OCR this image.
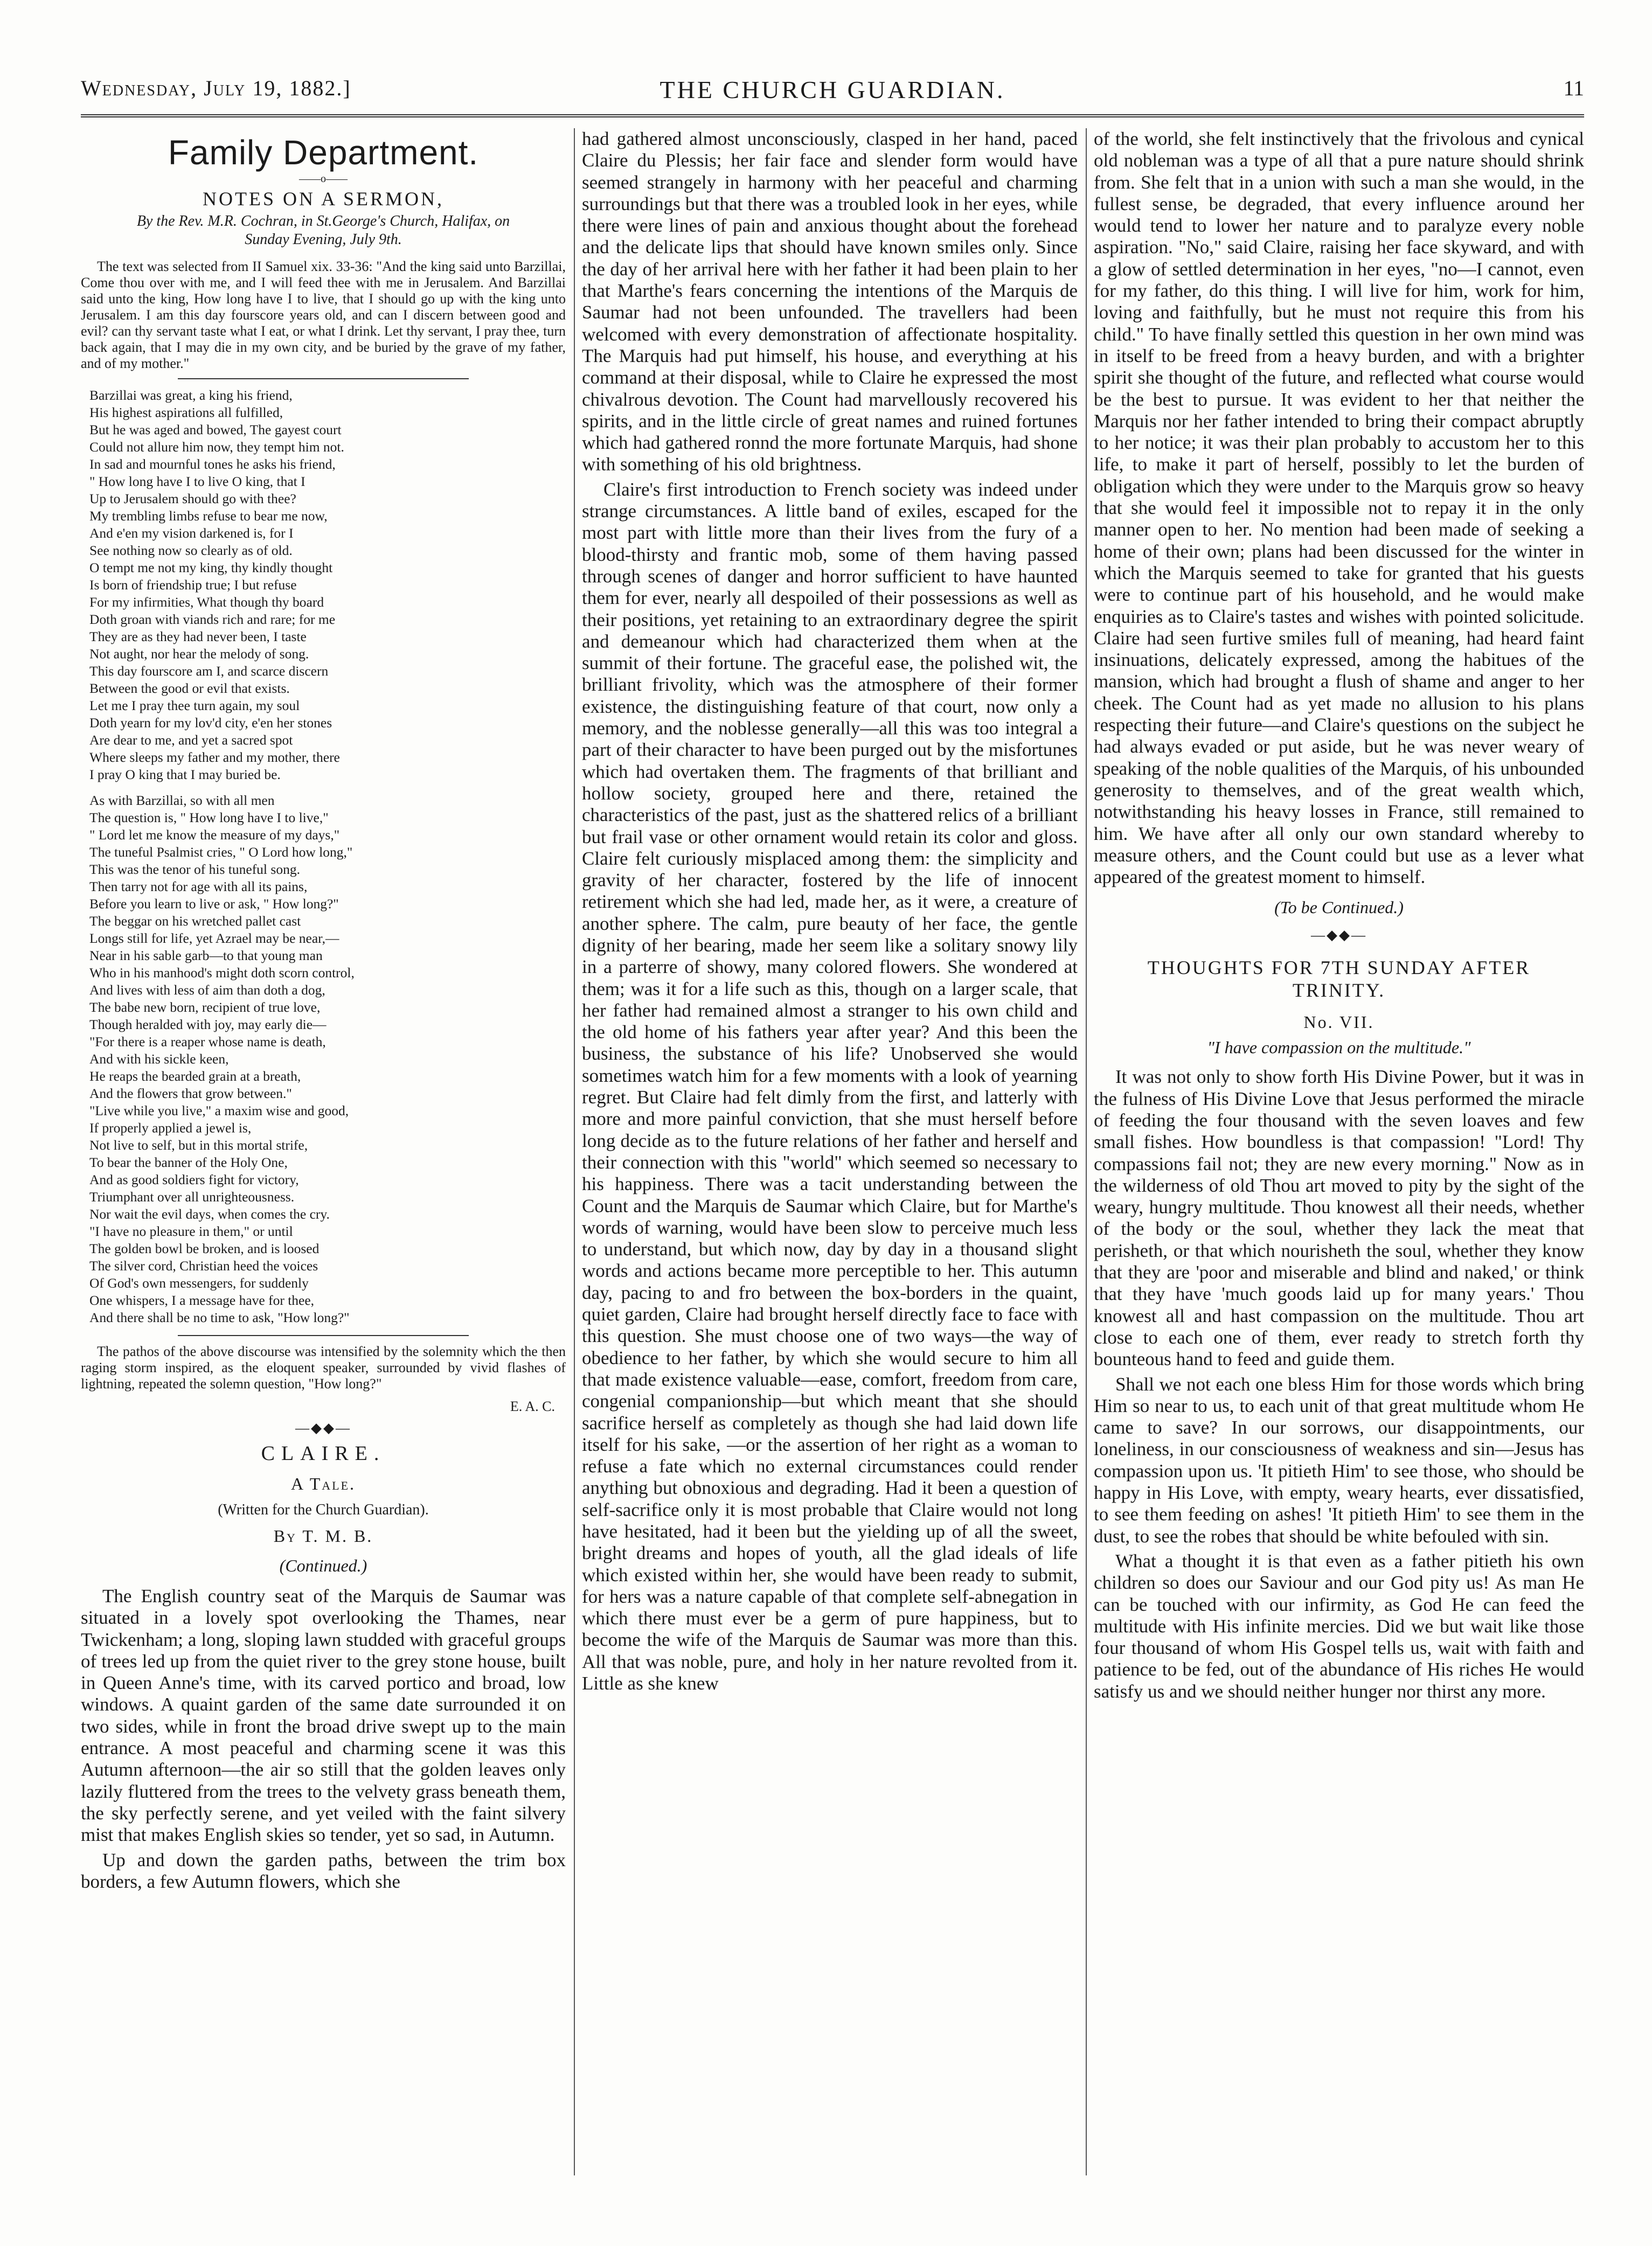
THE CHURCH GUARDIAN.
Wednesday, July 19, 1882.]	11
Family Department.
——o——
NOTES ON A SERMON,
By the Rev. M.R. Cochran, in St.George's Church, Halifax, on Sunday Evening, July 9th.

The text was selected from II Samuel xix. 33-36: "And the king said unto Barzillai, Come thou over with me, and I will feed thee with me in Jerusalem. And Barzillai said unto the king, How long have I to live, that I should go up with the king unto Jerusalem. I am this day fourscore years old, and can I discern between good and evil? can thy servant taste what I eat, or what I drink. Let thy servant, I pray thee, turn back again, that I may die in my own city, and be buried by the grave of my father, and of my mother."

Barzillai was great, a king his friend,
His highest aspirations all fulfilled,
But he was aged and bowed, The gayest court
Could not allure him now, they tempt him not.
In sad and mournful tones he asks his friend,
" How long have I to live O king, that I
Up to Jerusalem should go with thee?
My trembling limbs refuse to bear me now,
And e'en my vision darkened is, for I
See nothing now so clearly as of old.
O tempt me not my king, thy kindly thought
Is born of friendship true; I but refuse
For my infirmities, What though thy board
Doth groan with viands rich and rare; for me
They are as they had never been, I taste
Not aught, nor hear the melody of song.
This day fourscore am I, and scarce discern
Between the good or evil that exists.
Let me I pray thee turn again, my soul
Doth yearn for my lov'd city, e'en her stones
Are dear to me, and yet a sacred spot
Where sleeps my father and my mother, there
I pray O king that I may buried be.
As with Barzillai, so with all men
The question is, " How long have I to live,"
" Lord let me know the measure of my days,"
The tuneful Psalmist cries, " O Lord how long,"
This was the tenor of his tuneful song.
Then tarry not for age with all its pains,
Before you learn to live or ask, " How long?"
The beggar on his wretched pallet cast
Longs still for life, yet Azrael may be near,—
Near in his sable garb—to that young man
Who in his manhood's might doth scorn control,
And lives with less of aim than doth a dog,
The babe new born, recipient of true love,
Though heralded with joy, may early die—
"For there is a reaper whose name is death,
And with his sickle keen,
He reaps the bearded grain at a breath,
And the flowers that grow between."
"Live while you live," a maxim wise and good,
If properly applied a jewel is,
Not live to self, but in this mortal strife,
To bear the banner of the Holy One,
And as good soldiers fight for victory,
Triumphant over all unrighteousness.
Nor wait the evil days, when comes the cry.
"I have no pleasure in them," or until
The golden bowl be broken, and is loosed
The silver cord, Christian heed the voices
Of God's own messengers, for suddenly
One whispers, I a message have for thee,
And there shall be no time to ask, "How long?"

The pathos of the above discourse was intensified by the solemnity which the then raging storm inspired, as the eloquent speaker, surrounded by vivid flashes of lightning, repeated the solemn question, "How long?"

E. A. C.
—◆◆—
CLAIRE.
A Tale.
(Written for the Church Guardian).
By T. M. B.
(Continued.)

The English country seat of the Marquis de Saumar was situated in a lovely spot overlooking the Thames, near Twickenham; a long, sloping lawn studded with graceful groups of trees led up from the quiet river to the grey stone house, built in Queen Anne's time, with its carved portico and broad, low windows. A quaint garden of the same date surrounded it on two sides, while in front the broad drive swept up to the main entrance. A most peaceful and charming scene it was this Autumn afternoon—the air so still that the golden leaves only lazily fluttered from the trees to the velvety grass beneath them, the sky perfectly serene, and yet veiled with the faint silvery mist that makes English skies so tender, yet so sad, in Autumn.

Up and down the garden paths, between the trim box borders, a few Autumn flowers, which she

had gathered almost unconsciously, clasped in her hand, paced Claire du Plessis; her fair face and slender form would have seemed strangely in harmony with her peaceful and charming surroundings but that there was a troubled look in her eyes, while there were lines of pain and anxious thought about the forehead and the delicate lips that should have known smiles only. Since the day of her arrival here with her father it had been plain to her that Marthe's fears concerning the intentions of the Marquis de Saumar had not been unfounded. The travellers had been welcomed with every demonstration of affectionate hospitality. The Marquis had put himself, his house, and everything at his command at their disposal, while to Claire he expressed the most chivalrous devotion. The Count had marvellously recovered his spirits, and in the little circle of great names and ruined fortunes which had gathered ronnd the more fortunate Marquis, had shone with something of his old brightness.

Claire's first introduction to French society was indeed under strange circumstances. A little band of exiles, escaped for the most part with little more than their lives from the fury of a blood-thirsty and frantic mob, some of them having passed through scenes of danger and horror sufficient to have haunted them for ever, nearly all despoiled of their possessions as well as their positions, yet retaining to an extraordinary degree the spirit and demeanour which had characterized them when at the summit of their fortune. The graceful ease, the polished wit, the brilliant frivolity, which was the atmosphere of their former existence, the distinguishing feature of that court, now only a memory, and the noblesse generally—all this was too integral a part of their character to have been purged out by the misfortunes which had overtaken them. The fragments of that brilliant and hollow society, grouped here and there, retained the characteristics of the past, just as the shattered relics of a brilliant but frail vase or other ornament would retain its color and gloss. Claire felt curiously misplaced among them: the simplicity and gravity of her character, fostered by the life of innocent retirement which she had led, made her, as it were, a creature of another sphere. The calm, pure beauty of her face, the gentle dignity of her bearing, made her seem like a solitary snowy lily in a parterre of showy, many colored flowers. She wondered at them; was it for a life such as this, though on a larger scale, that her father had remained almost a stranger to his own child and the old home of his fathers year after year? And this been the business, the substance of his life? Unobserved she would sometimes watch him for a few moments with a look of yearning regret. But Claire had felt dimly from the first, and latterly with more and more painful conviction, that she must herself before long decide as to the future relations of her father and herself and their connection with this "world" which seemed so necessary to his happiness. There was a tacit understanding between the Count and the Marquis de Saumar which Claire, but for Marthe's words of warning, would have been slow to perceive much less to understand, but which now, day by day in a thousand slight words and actions became more perceptible to her. This autumn day, pacing to and fro between the box-borders in the quaint, quiet garden, Claire had brought herself directly face to face with this question. She must choose one of two ways—the way of obedience to her father, by which she would secure to him all that made existence valuable—ease, comfort, freedom from care, congenial companionship—but which meant that she should sacrifice herself as completely as though she had laid down life itself for his sake, —or the assertion of her right as a woman to refuse a fate which no external circumstances could render anything but obnoxious and degrading. Had it been a question of self-sacrifice only it is most probable that Claire would not long have hesitated, had it been but the yielding up of all the sweet, bright dreams and hopes of youth, all the glad ideals of life which existed within her, she would have been ready to submit, for hers was a nature capable of that complete self-abnegation in which there must ever be a germ of pure happiness, but to become the wife of the Marquis de Saumar was more than this. All that was noble, pure, and holy in her nature revolted from it. Little as she knew

of the world, she felt instinctively that the frivolous and cynical old nobleman was a type of all that a pure nature should shrink from. She felt that in a union with such a man she would, in the fullest sense, be degraded, that every influence around her would tend to lower her nature and to paralyze every noble aspiration. "No," said Claire, raising her face skyward, and with a glow of settled determination in her eyes, "no—I cannot, even for my father, do this thing. I will live for him, work for him, loving and faithfully, but he must not require this from his child." To have finally settled this question in her own mind was in itself to be freed from a heavy burden, and with a brighter spirit she thought of the future, and reflected what course would be the best to pursue. It was evident to her that neither the Marquis nor her father intended to bring their compact abruptly to her notice; it was their plan probably to accustom her to this life, to make it part of herself, possibly to let the burden of obligation which they were under to the Marquis grow so heavy that she would feel it impossible not to repay it in the only manner open to her. No mention had been made of seeking a home of their own; plans had been discussed for the winter in which the Marquis seemed to take for granted that his guests were to continue part of his household, and he would make enquiries as to Claire's tastes and wishes with pointed solicitude. Claire had seen furtive smiles full of meaning, had heard faint insinuations, delicately expressed, among the habitues of the mansion, which had brought a flush of shame and anger to her cheek. The Count had as yet made no allusion to his plans respecting their future—and Claire's questions on the subject he had always evaded or put aside, but he was never weary of speaking of the noble qualities of the Marquis, of his unbounded generosity to themselves, and of the great wealth which, notwithstanding his heavy losses in France, still remained to him. We have after all only our own standard whereby to measure others, and the Count could but use as a lever what appeared of the greatest moment to himself.

(To be Continued.)
—◆◆—
THOUGHTS FOR 7TH SUNDAY AFTER TRINITY.
No. VII.
"I have compassion on the multitude."

It was not only to show forth His Divine Power, but it was in the fulness of His Divine Love that Jesus performed the miracle of feeding the four thousand with the seven loaves and few small fishes. How boundless is that compassion! "Lord! Thy compassions fail not; they are new every morning." Now as in the wilderness of old Thou art moved to pity by the sight of the weary, hungry multitude. Thou knowest all their needs, whether of the body or the soul, whether they lack the meat that perisheth, or that which nourisheth the soul, whether they know that they are 'poor and miserable and blind and naked,' or think that they have 'much goods laid up for many years.' Thou knowest all and hast compassion on the multitude. Thou art close to each one of them, ever ready to stretch forth thy bounteous hand to feed and guide them.

Shall we not each one bless Him for those words which bring Him so near to us, to each unit of that great multitude whom He came to save? In our sorrows, our disappointments, our loneliness, in our consciousness of weakness and sin—Jesus has compassion upon us. 'It pitieth Him' to see those, who should be happy in His Love, with empty, weary hearts, ever dissatisfied, to see them feeding on ashes! 'It pitieth Him' to see them in the dust, to see the robes that should be white befouled with sin.

What a thought it is that even as a father pitieth his own children so does our Saviour and our God pity us! As man He can be touched with our infirmity, as God He can feed the multitude with His infinite mercies. Did we but wait like those four thousand of whom His Gospel tells us, wait with faith and patience to be fed, out of the abundance of His riches He would satisfy us and we should neither hunger nor thirst any more.
